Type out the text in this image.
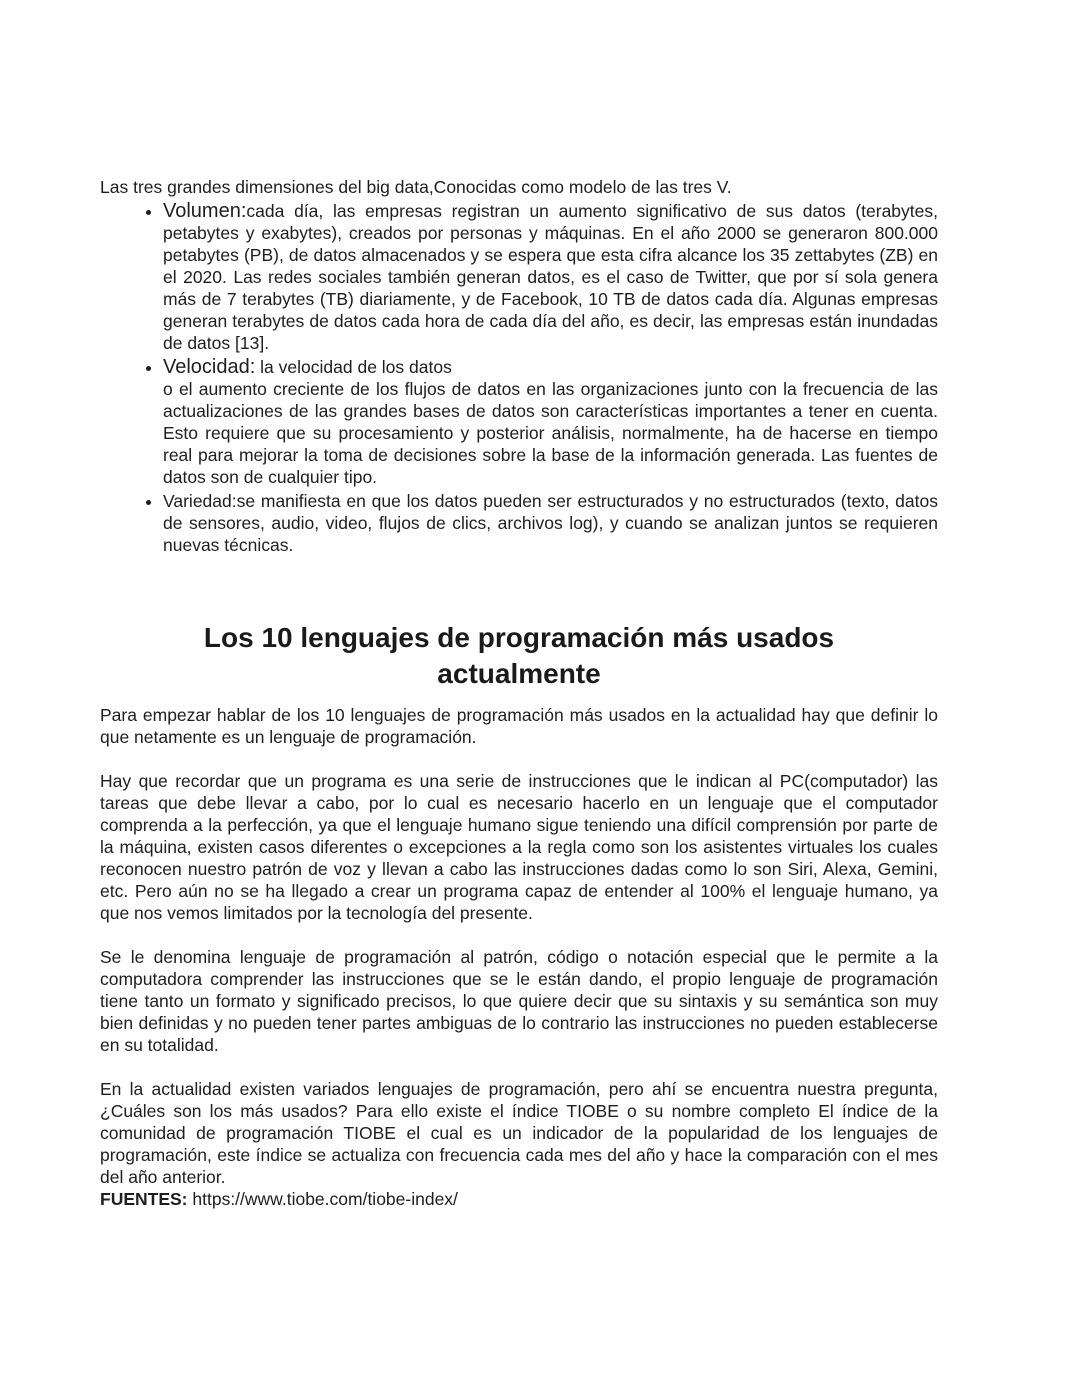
Las tres grandes dimensiones del big data,Conocidas como modelo de las tres V.

• Volumen:cada día, las empresas registran un aumento significativo de sus datos (terabytes, petabytes y exabytes), creados por personas y máquinas. En el año 2000 se generaron 800.000 petabytes (PB), de datos almacenados y se espera que esta cifra alcance los 35 zettabytes (ZB) en el 2020. Las redes sociales también generan datos, es el caso de Twitter, que por sí sola genera más de 7 terabytes (TB) diariamente, y de Facebook, 10 TB de datos cada día. Algunas empresas generan terabytes de datos cada hora de cada día del año, es decir, las empresas están inundadas de datos [13].
• Velocidad: la velocidad de los datos
o el aumento creciente de los flujos de datos en las organizaciones junto con la frecuencia de las actualizaciones de las grandes bases de datos son características importantes a tener en cuenta. Esto requiere que su procesamiento y posterior análisis, normalmente, ha de hacerse en tiempo real para mejorar la toma de decisiones sobre la base de la información generada. Las fuentes de datos son de cualquier tipo.
• Variedad:se manifiesta en que los datos pueden ser estructurados y no estructurados (texto, datos de sensores, audio, video, flujos de clics, archivos log), y cuando se analizan juntos se requieren nuevas técnicas.
Los 10 lenguajes de programación más usados actualmente

Para empezar hablar de los 10 lenguajes de programación más usados en la actualidad hay que definir lo que netamente es un lenguaje de programación.

Hay que recordar que un programa es una serie de instrucciones que le indican al PC(computador) las tareas que debe llevar a cabo, por lo cual es necesario hacerlo en un lenguaje que el computador comprenda a la perfección, ya que el lenguaje humano sigue teniendo una difícil comprensión por parte de la máquina, existen casos diferentes o excepciones a la regla como son los asistentes virtuales los cuales reconocen nuestro patrón de voz y llevan a cabo las instrucciones dadas como lo son Siri, Alexa, Gemini, etc. Pero aún no se ha llegado a crear un programa capaz de entender al 100% el lenguaje humano, ya que nos vemos limitados por la tecnología del presente.

Se le denomina lenguaje de programación al patrón, código o notación especial que le permite a la computadora comprender las instrucciones que se le están dando, el propio lenguaje de programación tiene tanto un formato y significado precisos, lo que quiere decir que su sintaxis y su semántica son muy bien definidas y no pueden tener partes ambiguas de lo contrario las instrucciones no pueden establecerse en su totalidad.

En la actualidad existen variados lenguajes de programación, pero ahí se encuentra nuestra pregunta, ¿Cuáles son los más usados? Para ello existe el índice TIOBE o su nombre completo El índice de la comunidad de programación TIOBE el cual es un indicador de la popularidad de los lenguajes de programación, este índice se actualiza con frecuencia cada mes del año y hace la comparación con el mes del año anterior.

FUENTES: https://www.tiobe.com/tiobe-index/
